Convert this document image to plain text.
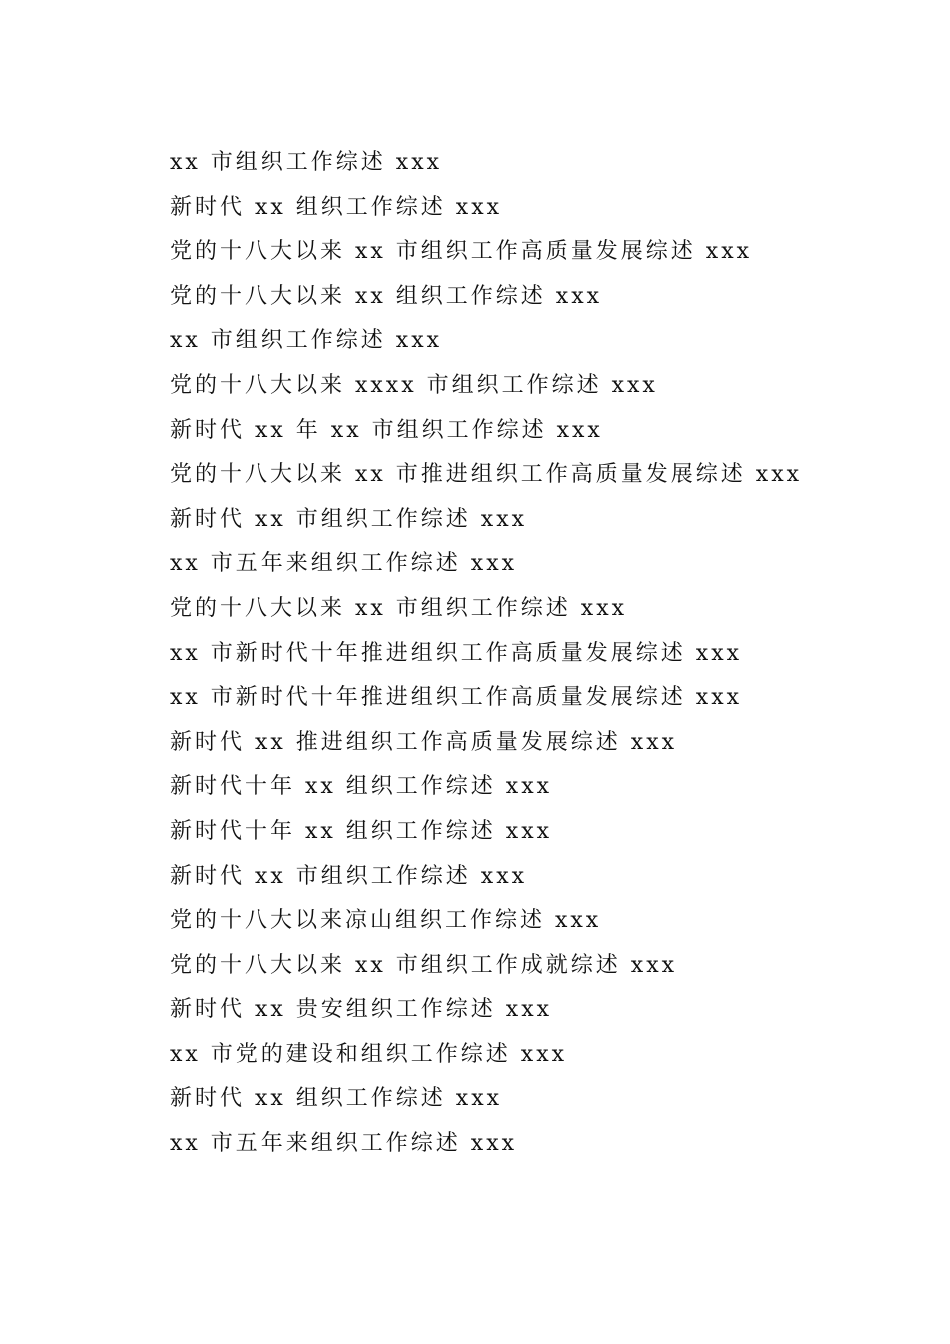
xx 市组织工作综述 xxx
新时代 xx 组织工作综述 xxx
党的十八大以来 xx 市组织工作高质量发展综述 xxx
党的十八大以来 xx 组织工作综述 xxx
xx 市组织工作综述 xxx
党的十八大以来 xxxx 市组织工作综述 xxx
新时代 xx 年 xx 市组织工作综述 xxx
党的十八大以来 xx 市推进组织工作高质量发展综述 xxx
新时代 xx 市组织工作综述 xxx
xx 市五年来组织工作综述 xxx
党的十八大以来 xx 市组织工作综述 xxx
xx 市新时代十年推进组织工作高质量发展综述 xxx
xx 市新时代十年推进组织工作高质量发展综述 xxx
新时代 xx 推进组织工作高质量发展综述 xxx
新时代十年 xx 组织工作综述 xxx
新时代十年 xx 组织工作综述 xxx
新时代 xx 市组织工作综述 xxx
党的十八大以来凉山组织工作综述 xxx
党的十八大以来 xx 市组织工作成就综述 xxx
新时代 xx 贵安组织工作综述 xxx
xx 市党的建设和组织工作综述 xxx
新时代 xx 组织工作综述 xxx
xx 市五年来组织工作综述 xxx
